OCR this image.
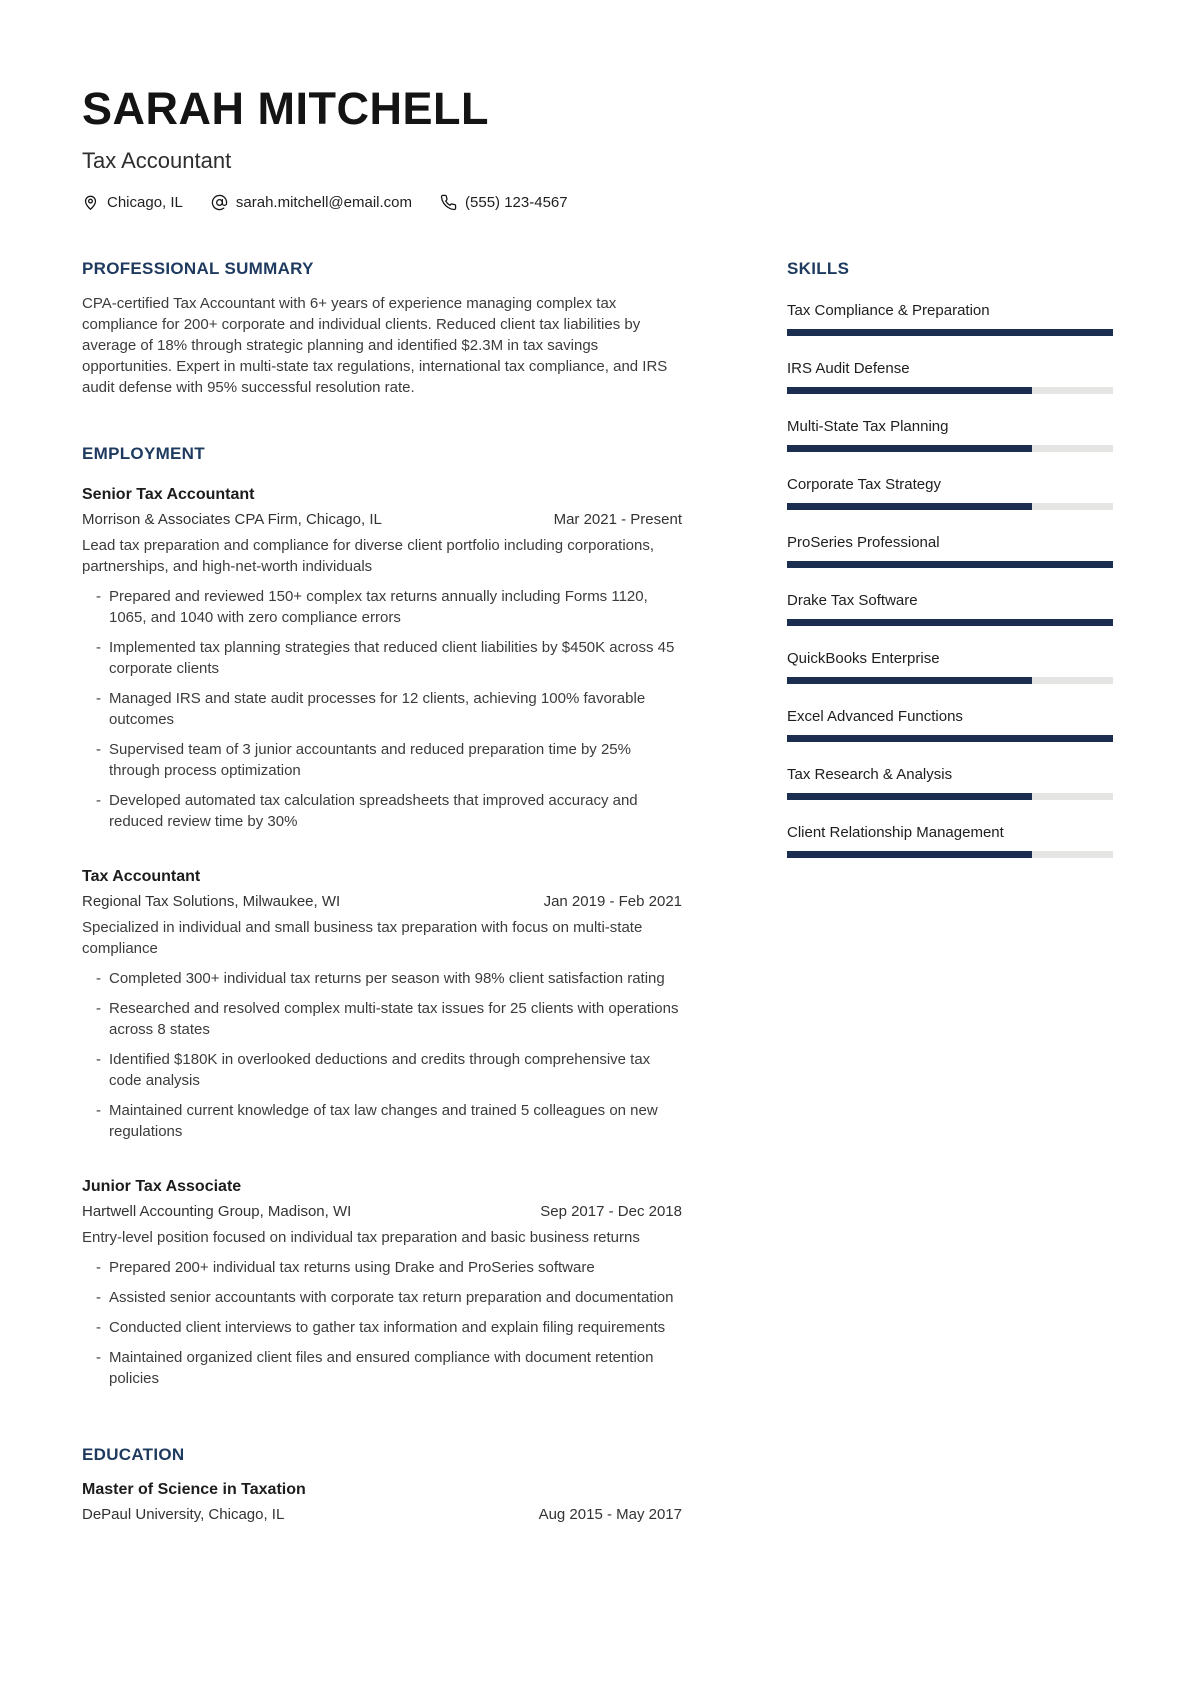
SARAH MITCHELL
Tax Accountant
Chicago, IL	sarah.mitchell@email.com	(555) 123-4567
PROFESSIONAL SUMMARY

CPA-certified Tax Accountant with 6+ years of experience managing complex tax compliance for 200+ corporate and individual clients. Reduced client tax liabilities by average of 18% through strategic planning and identified $2.3M in tax savings opportunities. Expert in multi-state tax regulations, international tax compliance, and IRS audit defense with 95% successful resolution rate.

EMPLOYMENT
Senior Tax Accountant
Morrison & Associates CPA Firm, Chicago, IL	Mar 2021 - Present
Lead tax preparation and compliance for diverse client portfolio including corporations, partnerships, and high-net-worth individuals
- Prepared and reviewed 150+ complex tax returns annually including Forms 1120, 1065, and 1040 with zero compliance errors
- Implemented tax planning strategies that reduced client liabilities by $450K across 45 corporate clients
- Managed IRS and state audit processes for 12 clients, achieving 100% favorable outcomes
- Supervised team of 3 junior accountants and reduced preparation time by 25% through process optimization
- Developed automated tax calculation spreadsheets that improved accuracy and reduced review time by 30%
Tax Accountant
Regional Tax Solutions, Milwaukee, WI	Jan 2019 - Feb 2021
Specialized in individual and small business tax preparation with focus on multi-state compliance
- Completed 300+ individual tax returns per season with 98% client satisfaction rating
- Researched and resolved complex multi-state tax issues for 25 clients with operations across 8 states
- Identified $180K in overlooked deductions and credits through comprehensive tax code analysis
- Maintained current knowledge of tax law changes and trained 5 colleagues on new regulations
Junior Tax Associate
Hartwell Accounting Group, Madison, WI	Sep 2017 - Dec 2018
Entry-level position focused on individual tax preparation and basic business returns
- Prepared 200+ individual tax returns using Drake and ProSeries software
- Assisted senior accountants with corporate tax return preparation and documentation
- Conducted client interviews to gather tax information and explain filing requirements
- Maintained organized client files and ensured compliance with document retention policies
EDUCATION
Master of Science in Taxation
DePaul University, Chicago, IL	Aug 2015 - May 2017
SKILLS
Tax Compliance & Preparation
IRS Audit Defense
Multi-State Tax Planning
Corporate Tax Strategy
ProSeries Professional
Drake Tax Software
QuickBooks Enterprise
Excel Advanced Functions
Tax Research & Analysis
Client Relationship Management
